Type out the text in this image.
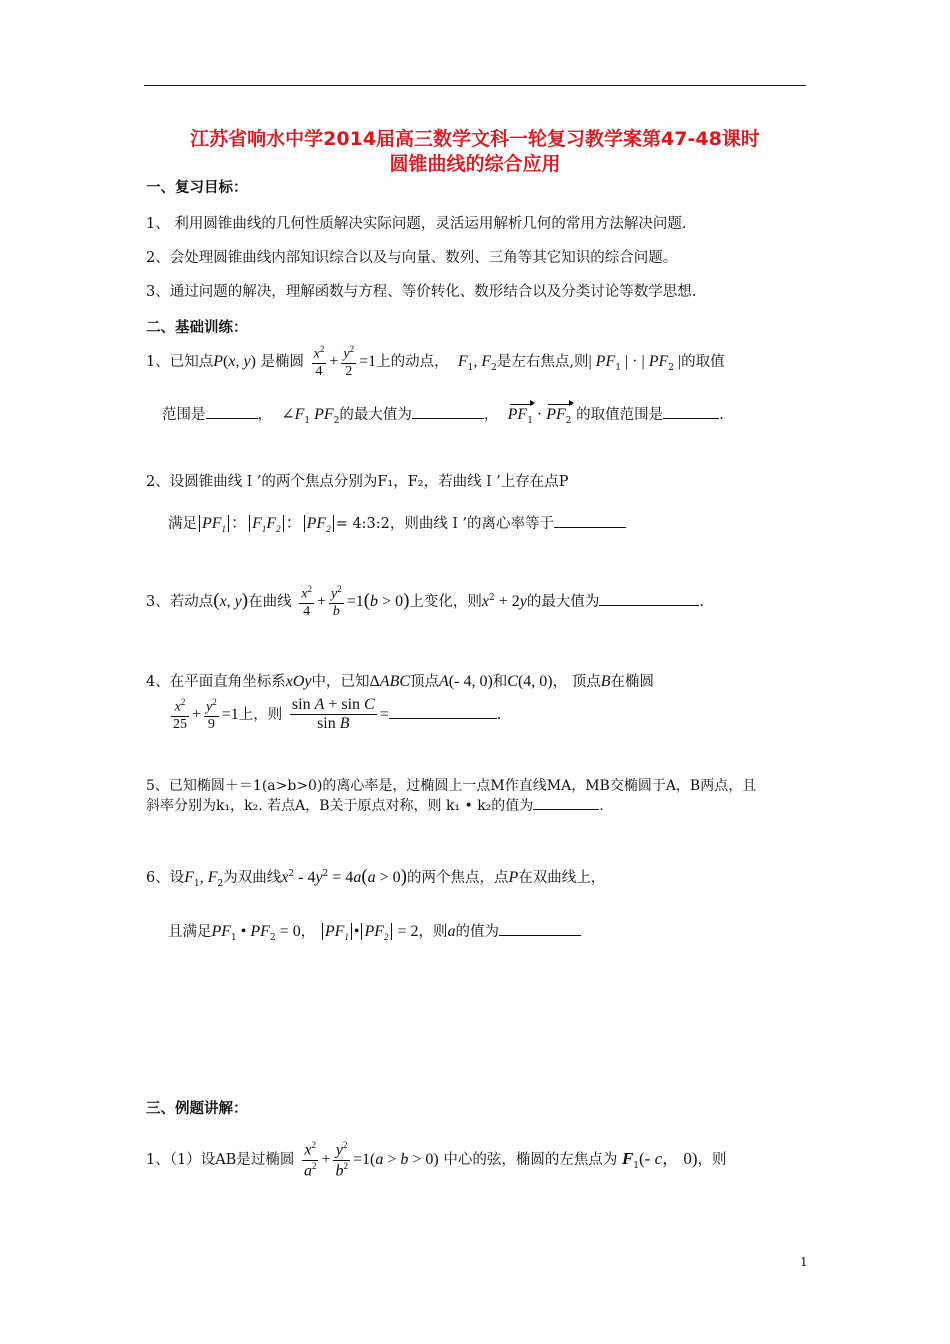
江苏省响水中学2014届高三数学文科一轮复习教学案第47-48课时
圆锥曲线的综合应用
一、复习目标：
1、 利用圆锥曲线的几何性质解决实际问题，灵活运用解析几何的常用方法解决问题.
2、会处理圆锥曲线内部知识综合以及与向量、数列、三角等其它知识的综合问题。
3、通过问题的解决，理解函数与方程、等价转化、数形结合以及分类讨论等数学思想.
二、基础训练：
1、已知点P(x, y) 是椭圆 $\frac{x^2}{4} + \frac{y^2}{2} =1$上的动点， $F_1$, $F_2$是左右焦点,则| $PF_1$ | · | $PF_2$ |的取值
范围是	， $\angle F_1$ $PF_2$的最大值为	， $PF_1 \cdot PF_2$ 的取值范围是	.
2、设圆锥曲线Ｉ’的两个焦点分别为F₁，F₂，若曲线Ｉ’上存在点P
满足 $PF_1$ ： $F_1F_2$ ： $PF_2$ = 4:3:2，则曲线Ｉ’的离心率等于
3、若动点(x, y)在曲线 $\frac{x^2}{4} + \frac{y^2}{b} =1(b > 0)$上变化，则$x^2 + 2y$的最大值为	.
4、在平面直角坐标系xOy中，已知ΔABC顶点A(- 4, 0)和C(4, 0)， 顶点B在椭圆
$\frac{x^2}{25} + \frac{y^2}{9} =1$上，则 $\frac{\text{sin A + sin C}}{\text{sin B}}$ =	.
5、已知椭圆＋＝1(a>b>0)的离心率是，过椭圆上一点M作直线MA，MB交椭圆于A，B两点，且
斜率分别为k₁，k₂. 若点A，B关于原点对称，则 k₁ • k₂的值为	.
6、设$F_1$, $F_2$为双曲线$x^2 - 4y^2 = 4a(a > 0)$的两个焦点，点P在双曲线上，
且满足$PF_1$ • $PF_2 = 0$， $PF_1$ • $PF_2 = 2$，则a的值为
三、例题讲解：
1、（1）设AB是过椭圆 $\frac{x^2}{a^2} + \frac{y^2}{b^2} =1(a > b > 0)$ 中心的弦，椭圆的左焦点为 $F_1(-$ c， 0)，则
1
